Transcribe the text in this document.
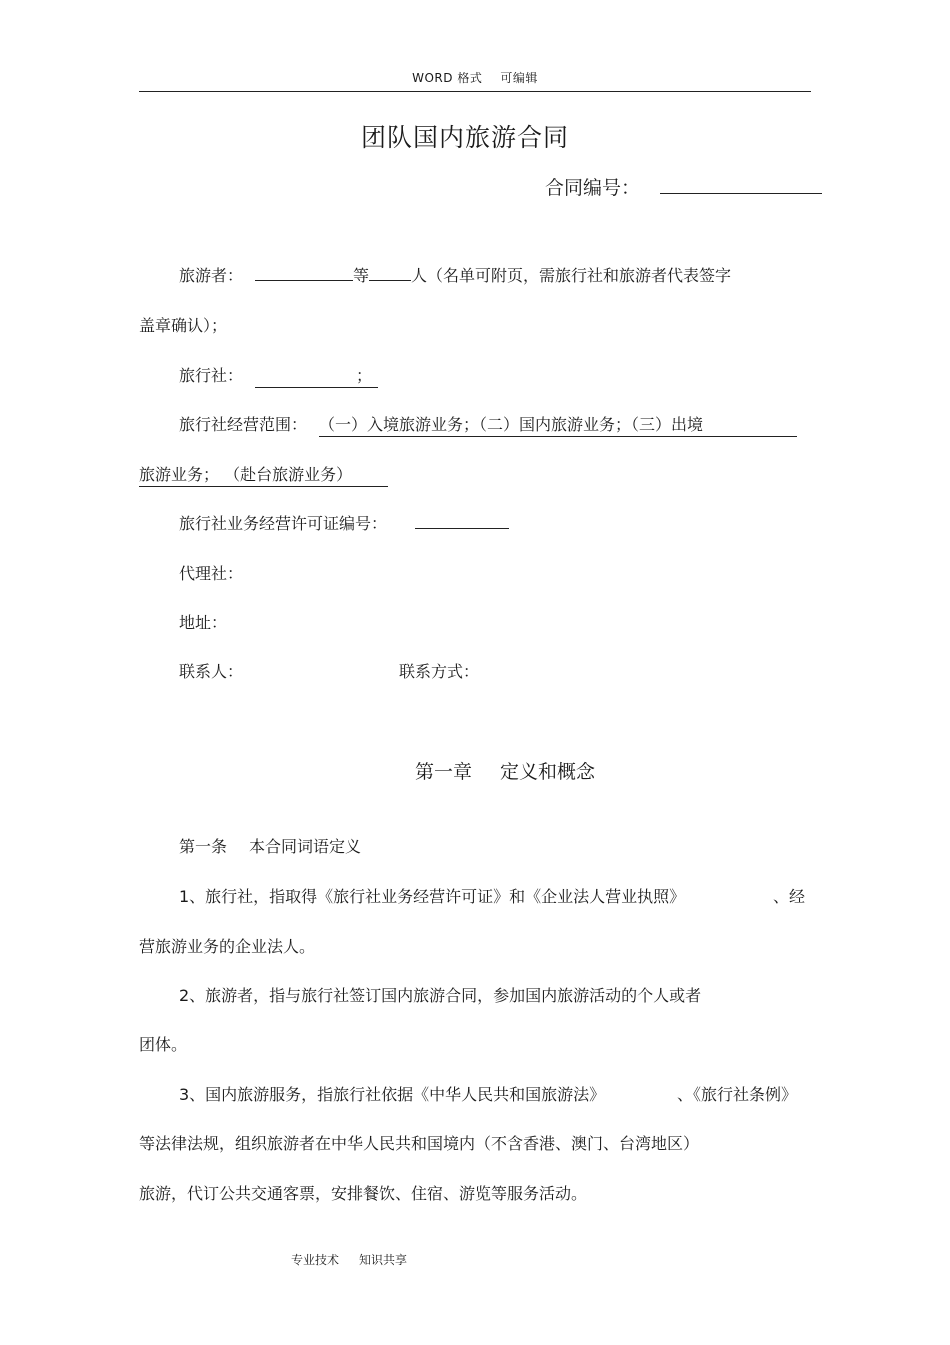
WORD 格式 可编辑
团队国内旅游合同
合同编号：
旅游者：	等	人（名单可附页，需旅行社和旅游者代表签字
盖章确认）；
旅行社：	；
旅行社经营范围： （一）入境旅游业务；（二）国内旅游业务；（三）出境
旅游业务； （赴台旅游业务）
旅行社业务经营许可证编号：
代理社：
地址：
联系人：	联系方式：
第一章 定义和概念
第一条 本合同词语定义
1、旅行社，指取得《旅行社业务经营许可证》和《企业法人营业执照》	、经
营旅游业务的企业法人。
2、旅游者，指与旅行社签订国内旅游合同，参加国内旅游活动的个人或者
团体。
3、国内旅游服务，指旅行社依据《中华人民共和国旅游法》	、《旅行社条例》
等法律法规，组织旅游者在中华人民共和国境内（不含香港、澳门、台湾地区）
旅游，代订公共交通客票，安排餐饮、住宿、游览等服务活动。
专业技术 知识共享
